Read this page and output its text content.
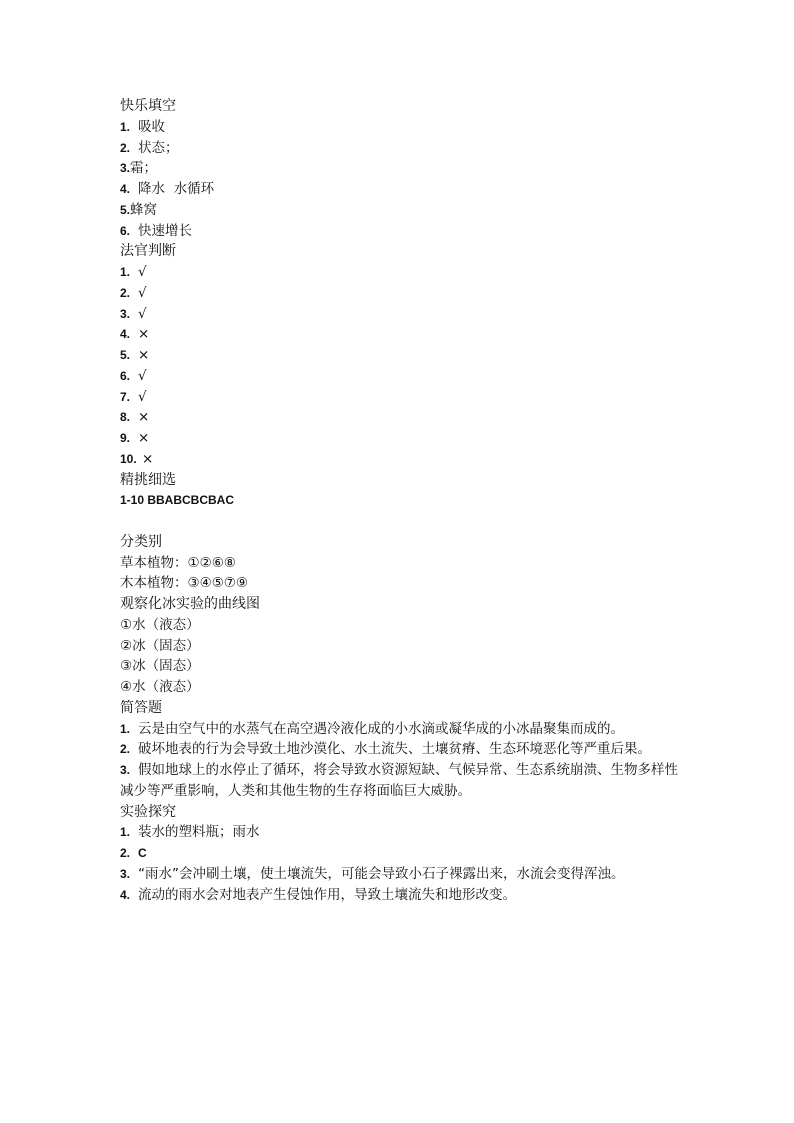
快乐填空
1. 吸收
2. 状态；
3.霜；
4. 降水  水循环
5.蜂窝
6. 快速增长
法官判断
1. √
2. √
3. √
4. ×
5. ×
6. √
7. √
8. ×
9. ×
10. ×
精挑细选
1-10 BBABCBCBAC
分类别
草本植物：①②⑥⑧
木本植物：③④⑤⑦⑨
观察化冰实验的曲线图
①水（液态）
②冰（固态）
③冰（固态）
④水（液态）
简答题
1. 云是由空气中的水蒸气在高空遇冷液化成的小水滴或凝华成的小冰晶聚集而成的。
2. 破坏地表的行为会导致土地沙漠化、水土流失、土壤贫瘠、生态环境恶化等严重后果。
3. 假如地球上的水停止了循环，将会导致水资源短缺、气候异常、生态系统崩溃、生物多样性减少等严重影响，人类和其他生物的生存将面临巨大威胁。
实验探究
1. 装水的塑料瓶；雨水
2. C
3. “雨水”会冲刷土壤，使土壤流失，可能会导致小石子裸露出来，水流会变得浑浊。
4. 流动的雨水会对地表产生侵蚀作用，导致土壤流失和地形改变。
